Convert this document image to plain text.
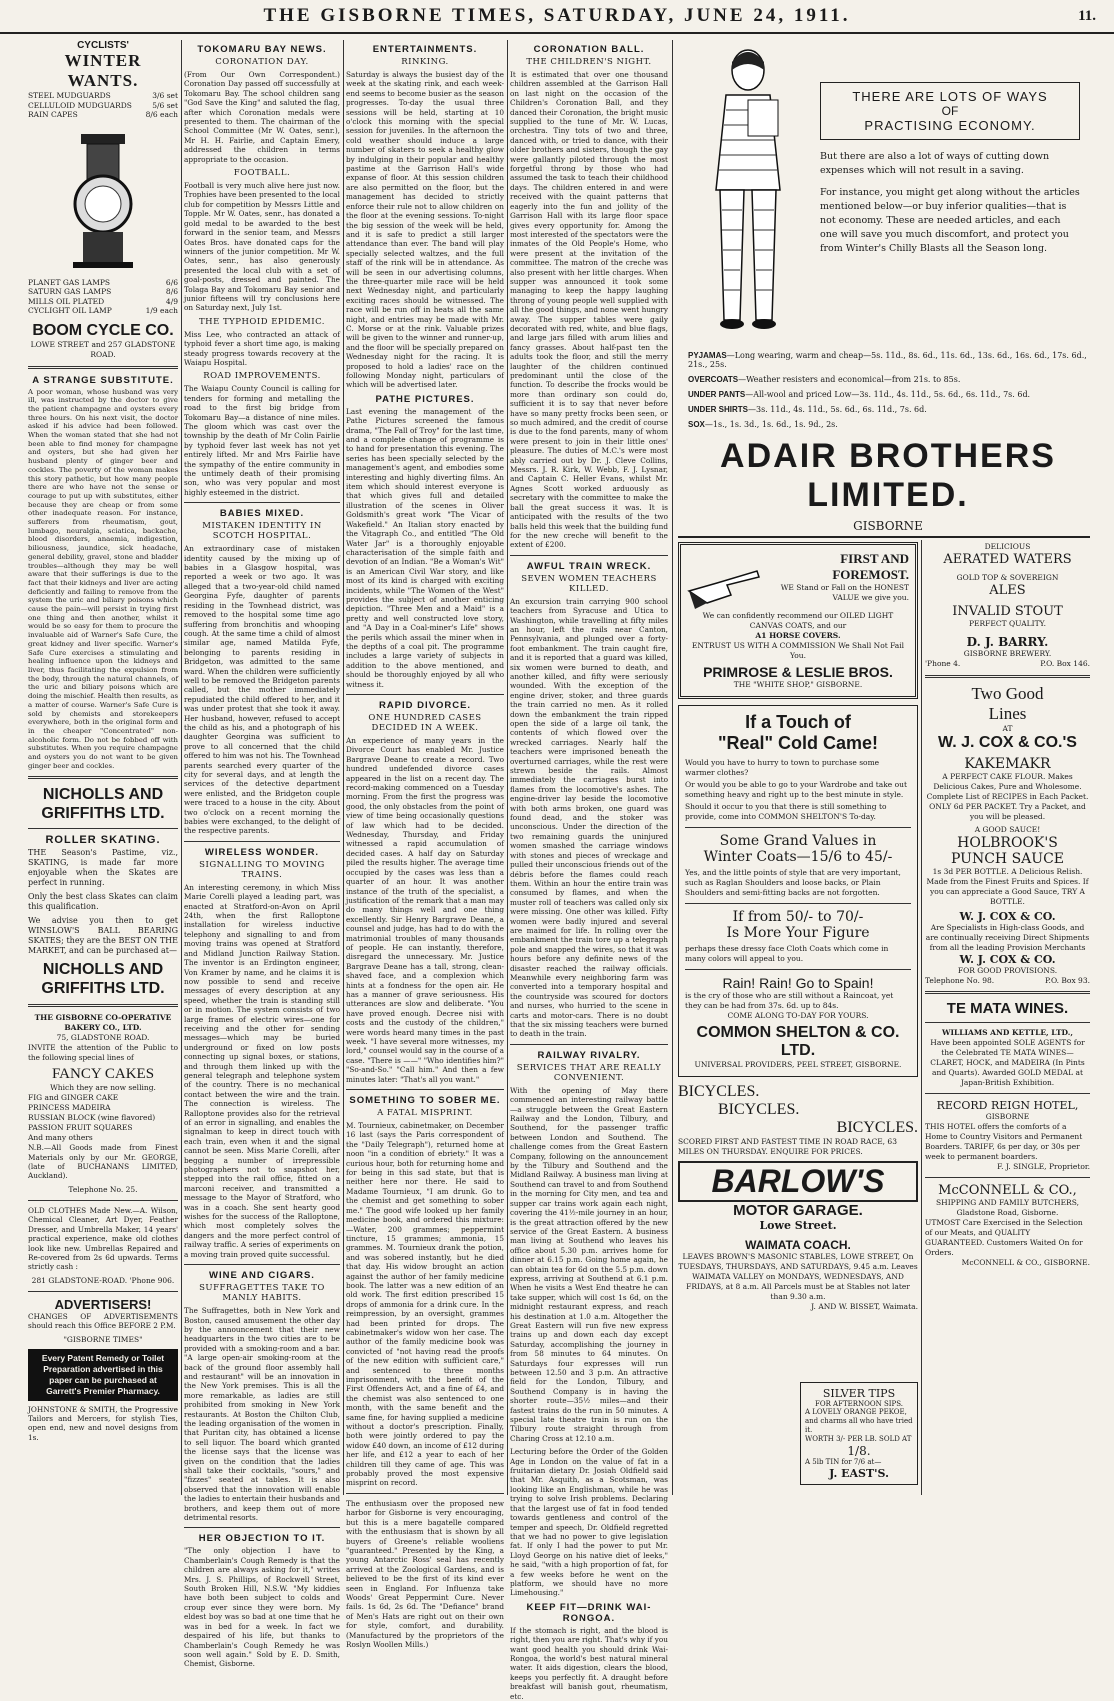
THE GISBORNE TIMES, SATURDAY, JUNE 24, 1911.	11.
CYCLISTS'
WINTER WANTS.
STEEL MUDGUARDS	3/6 set
CELLULOID MUDGUARDS	5/6 set
RAIN CAPES	8/6 each
PLANET GAS LAMPS	6/6
SATURN GAS LAMPS	8/6
MILLS OIL PLATED	4/9
CYCLIGHT OIL LAMP	1/9 each
BOOM CYCLE CO.
LOWE STREET and 257 GLADSTONE ROAD.
A STRANGE SUBSTITUTE.
A poor woman, whose husband was very ill, was instructed by the doctor to give the patient champagne and oysters every three hours. On his next visit, the doctor asked if his advice had been followed. When the woman stated that she had not been able to find money for champagne and oysters, but she had given her husband plenty of ginger beer and cockles. The poverty of the woman makes this story pathetic, but how many people there are who have not the sense or courage to put up with substitutes, either because they are cheap or from some other inadequate reason. For instance, sufferers from rheumatism, gout, lumbago, neuralgia, sciatica, backache, blood disorders, anaemia, indigestion, biliousness, jaundice, sick headache, general debility, gravel, stone and bladder troubles—although they may be well aware that their sufferings is due to the fact that their kidneys and liver are acting deficiently and failing to remove from the system the uric and biliary poisons which cause the pain—will persist in trying first one thing and then another, whilst it would be so easy for them to procure the invaluable aid of Warner's Safe Cure, the great kidney and liver specific. Warner's Safe Cure exercises a stimulating and healing influence upon the kidneys and liver, thus facilitating the expulsion from the body, through the natural channels, of the uric and biliary poisons which are doing the mischief. Health then results, as a matter of course. Warner's Safe Cure is sold by chemists and storekeepers everywhere, both in the original form and in the cheaper "Concentrated" non-alcoholic form. Do not be fobbed off with substitutes. When you require champagne and oysters you do not want to be given ginger beer and cockles.
NICHOLLS AND GRIFFITHS LTD.
ROLLER SKATING.
THE Season's Pastime, viz., SKATING, is made far more enjoyable when the Skates are perfect in running.
Only the best class Skates can claim this qualification.
We advise you then to get WINSLOW'S BALL BEARING SKATES; they are the BEST ON THE MARKET, and can be purchased at—
NICHOLLS AND GRIFFITHS LTD.
THE GISBORNE CO-OPERATIVE BAKERY CO., LTD.
75, GLADSTONE ROAD.
INVITE the attention of the Public to the following special lines of
FANCY CAKES
Which they are now selling.
FIG and GINGER CAKE
PRINCESS MADEIRA
RUSSIAN BLOCK (wine flavored)
PASSION FRUIT SQUARES
And many others
N.B.—All Goods made from Finest Materials only by our Mr. GEORGE, (late of BUCHANANS LIMITED, Auckland).
Telephone No. 25.
OLD CLOTHES Made New.—A. Wilson, Chemical Cleaner, Art Dyer, Feather Dresser, and Umbrella Maker, 14 years' practical experience, make old clothes look like new. Umbrellas Repaired and Re-covered from 2s 6d upwards. Terms strictly cash :
281 GLADSTONE-ROAD. 'Phone 906.
ADVERTISERS!
CHANGES OF ADVERTISEMENTS should reach this Office BEFORE 2 P.M.
"GISBORNE TIMES"
Every Patent Remedy or Toilet Preparation advertised in this paper can be purchased at Garrett's Premier Pharmacy.
JOHNSTONE & SMITH, the Progressive Tailors and Mercers, for stylish Ties, open end, new and novel designs from 1s.
TOKOMARU BAY NEWS.
CORONATION DAY.
(From Our Own Correspondent.) Coronation Day passed off successfully at Tokomaru Bay. The school children sang "God Save the King" and saluted the flag, after which Coronation medals were presented to them. The chairman of the School Committee (Mr W. Oates, senr.), Mr H. H. Fairlie, and Captain Emery, addressed the children in terms appropriate to the occasion.
FOOTBALL.
Football is very much alive here just now. Trophies have been presented to the local club for competition by Messrs Little and Topple. Mr W. Oates, senr., has donated a gold medal to be awarded to the best forward in the senior team, and Messrs Oates Bros. have donated caps for the winners of the junior competition. Mr W. Oates, senr., has also generously presented the local club with a set of goal-posts, dressed and painted. The Tolaga Bay and Tokomaru Bay senior and junior fifteens will try conclusions here on Saturday next, July 1st.
THE TYPHOID EPIDEMIC.
Miss Lee, who contracted an attack of typhoid fever a short time ago, is making steady progress towards recovery at the Waiapu Hospital.
ROAD IMPROVEMENTS.
The Waiapu County Council is calling for tenders for forming and metalling the road to the first big bridge from Tokomaru Bay—a distance of nine miles. The gloom which was cast over the township by the death of Mr Colin Fairlie by typhoid fever last week has not yet entirely lifted. Mr and Mrs Fairlie have the sympathy of the entire community in the untimely death of their promising son, who was very popular and most highly esteemed in the district.
BABIES MIXED.
MISTAKEN IDENTITY IN SCOTCH HOSPITAL.
An extraordinary case of mistaken identity caused by the mixing up of babies in a Glasgow hospital, was reported a week or two ago. It was alleged that a two-year-old child named Georgina Fyfe, daughter of parents residing in the Townhead district, was removed to the hospital some time ago suffering from bronchitis and whooping cough. At the same time a child of almost similar age, named Matilda Fyfe, belonging to parents residing in Bridgeton, was admitted to the same ward. When the children were sufficiently well to be removed the Bridgeton parents called, but the mother immediately repudiated the child offered to her, and it was under protest that she took it away. Her husband, however, refused to accept the child as his, and a photograph of his daughter Georgina was sufficient to prove to all concerned that the child offered to him was not his. The Townhead parents searched every quarter of the city for several days, and at length the services of the detective department were enlisted, and the Bridgeton couple were traced to a house in the city. About two o'clock on a recent morning the babies were exchanged, to the delight of the respective parents.
WIRELESS WONDER.
SIGNALLING TO MOVING TRAINS.
An interesting ceremony, in which Miss Marie Corelli played a leading part, was enacted at Stratford-on-Avon on April 24th, when the first Ralloptone installation for wireless inductive telephony and signalling to and from moving trains was opened at Stratford and Midland Junction Railway Station. The inventor is an Erdington engineer, Von Kramer by name, and he claims it is now possible to send and receive messages of every description at any speed, whether the train is standing still or in motion. The system consists of two large frames of electric wires—one for receiving and the other for sending messages—which may be buried underground or fixed on low posts connecting up signal boxes, or stations, and through them linked up with the general telegraph and telephone system of the country. There is no mechanical contact between the wire and the train. The connection is wireless. The Ralloptone provides also for the retrieval of an error in signalling, and enables the signalman to keep in direct touch with each train, even when it and the signal cannot be seen. Miss Marie Corelli, after begging a number of irrepressible photographers not to snapshot her, stepped into the rail office, fitted on a marconi receiver, and transmitted a message to the Mayor of Stratford, who was in a coach. She sent hearty good wishes for the success of the Ralloptone, which most completely solves the dangers and the more perfect control of railway traffic. A series of experiments on a moving train proved quite successful.
WINE AND CIGARS.
SUFFRAGETTES TAKE TO MANLY HABITS.
The Suffragettes, both in New York and Boston, caused amusement the other day by the announcement that their new headquarters in the two cities are to be provided with a smoking-room and a bar. "A large open-air smoking-room at the back of the ground floor assembly hall and restaurant" will be an innovation in the New York premises. This is all the more remarkable, as ladies are still prohibited from smoking in New York restaurants. At Boston the Chilton Club, the leading organisation of the women in that Puritan city, has obtained a license to sell liquor. The board which granted the license says that the license was given on the condition that the ladies shall take their cocktails, "sours," and "fizzes" seated at tables. It is also observed that the innovation will enable the ladies to entertain their husbands and brothers, and keep them out of more detrimental resorts.
HER OBJECTION TO IT.
"The only objection I have to Chamberlain's Cough Remedy is that the children are always asking for it," writes Mrs. J. S. Phillips, of Rockwell Street, South Broken Hill, N.S.W. "My kiddies have both been subject to colds and croup ever since they were born. My eldest boy was so bad at one time that he was in bed for a week. In fact we despaired of his life, but thanks to Chamberlain's Cough Remedy he was soon well again." Sold by E. D. Smith, Chemist, Gisborne.
ENTERTAINMENTS.
RINKING.
Saturday is always the busiest day of the week at the skating rink, and each week-end seems to become busier as the season progresses. To-day the usual three sessions will be held, starting at 10 o'clock this morning with the special session for juveniles. In the afternoon the cold weather should induce a large number of skaters to seek a healthy glow by indulging in their popular and healthy pastime at the Garrison Hall's wide expanse of floor. At this session children are also permitted on the floor, but the management has decided to strictly enforce their rule not to allow children on the floor at the evening sessions. To-night the big session of the week will be held, and it is safe to predict a still larger attendance than ever. The band will play specially selected waltzes, and the full staff of the rink will be in attendance. As will be seen in our advertising columns, the three-quarter mile race will be held next Wednesday night, and particularly exciting races should be witnessed. The race will be run off in heats all the same night, and entries may be made with Mr. C. Morse or at the rink. Valuable prizes will be given to the winner and runner-up, and the floor will be specially prepared on Wednesday night for the racing. It is proposed to hold a ladies' race on the following Monday night, particulars of which will be advertised later.
PATHE PICTURES.
Last evening the management of the Pathe Pictures screened the famous drama, "The Fall of Troy" for the last time, and a complete change of programme is to hand for presentation this evening. The series has been specially selected by the management's agent, and embodies some interesting and highly diverting films. An item which should interest everyone is that which gives full and detailed illustration of the scenes in Oliver Goldsmith's great work "The Vicar of Wakefield." An Italian story enacted by the Vitagraph Co., and entitled "The Old Water Jar" is a thoroughly enjoyable characterisation of the simple faith and devotion of an Indian. "Be a Woman's Wit" is an American Civil War story, and like most of its kind is charged with exciting incidents, while "The Women of the West" provides the subject of another enticing depiction. "Three Men and a Maid" is a pretty and well constructed love story, and "A Day in a Coal-miner's Life" shows the perils which assail the miner when in the depths of a coal pit. The programme includes a large variety of subjects in addition to the above mentioned, and should be thoroughly enjoyed by all who witness it.
RAPID DIVORCE.
ONE HUNDRED CASES DECIDED IN A WEEK.
An experience of many years in the Divorce Court has enabled Mr. Justice Bargrave Deane to create a record. Two hundred undefended divorce cases appeared in the list on a recent day. The record-making commenced on a Tuesday morning. From the first the progress was good, the only obstacles from the point of view of time being occasionally questions of law which had to be decided. Wednesday, Thursday, and Friday witnessed a rapid accumulation of decided cases. A half day on Saturday piled the results higher. The average time occupied by the cases was less than a quarter of an hour. It was another instance of the truth of the specialist, a justification of the remark that a man may do many things well and one thing excellently. Sir Henry Bargrave Deane, a counsel and judge, has had to do with the matrimonial troubles of many thousands of people. He can instantly, therefore, disregard the unnecessary. Mr. Justice Bargrave Deane has a tall, strong, clean-shaved face, and a complexion which hints at a fondness for the open air. He has a manner of grave seriousness. His utterances are slow and deliberate. "You have proved enough. Decree nisi with costs and the custody of the children," were words heard many times in the past week. "I have several more witnesses, my lord," counsel would say in the course of a case. "There is ——" "Who identifies him?" "So-and-So." "Call him." And then a few minutes later: "That's all you want."
SOMETHING TO SOBER ME.
A FATAL MISPRINT.
M. Tournieux, cabinetmaker, on December 16 last (says the Paris correspondent of the "Daily Telegraph"), returned home at noon "in a condition of ebriety." It was a curious hour, both for returning home and for being in this sad state, but that is neither here nor there. He said to Madame Tournieux, "I am drunk. Go to the chemist and get something to sober me." The good wife looked up her family medicine book, and ordered this mixture:—Water, 200 grammes; peppermint tincture, 15 grammes; ammonia, 15 grammes. M. Tournieux drank the potion, and was sobered instantly, but he died that day. His widow brought an action against the author of her family medicine book. The latter was a new edition of an old work. The first edition prescribed 15 drops of ammonia for a drink cure. In the reimpression, by an oversight, grammes had been printed for drops. The cabinetmaker's widow won her case. The author of the family medicine book was convicted of "not having read the proofs of the new edition with sufficient care," and sentenced to three months imprisonment, with the benefit of the First Offenders Act, and a fine of £4, and the chemist was also sentenced to one month, with the same benefit and the same fine, for having supplied a medicine without a doctor's prescription. Finally, both were jointly ordered to pay the widow £40 down, an income of £12 during her life, and £12 a year to each of her children till they came of age. This was probably proved the most expensive misprint on record.
The enthusiasm over the proposed new harbor for Gisborne is very encouraging, but this is a mere bagatelle compared with the enthusiasm that is shown by all buyers of Greene's reliable wooliens "guaranteed." Presented by the King, a young Antarctic Ross' seal has recently arrived at the Zoological Gardens, and is believed to be the first of its kind ever seen in England. For Influenza take Woods' Great Peppermint Cure. Never fails. 1s 6d, 2s 6d. The "Defiance" brand of Men's Hats are right out on their own for style, comfort, and durability. (Manufactured by the proprietors of the Roslyn Woollen Mills.)
CORONATION BALL.
THE CHILDREN'S NIGHT.
It is estimated that over one thousand children assembled at the Garrison Hall on last night on the occasion of the Children's Coronation Ball, and they danced their Coronation, the bright music supplied to the tune of Mr. W. Lucas, orchestra. Tiny tots of two and three, danced with, or tried to dance, with their older brothers and sisters, though the gay were gallantly piloted through the most forgetful throng by those who had assumed the task to teach their childhood days. The children entered in and were received with the quaint patterns that eagerly into the fun and jollity of the Garrison Hall with its large floor space gives every opportunity for. Among the most interested of the spectators were the inmates of the Old People's Home, who were present at the invitation of the committee. The matron of the creche was also present with her little charges. When supper was announced it took some managing to keep the happy laughing throng of young people well supplied with all the good things, and none went hungry away. The supper tables were gaily decorated with red, white, and blue flags, and large jars filled with arum lilies and fancy grasses. About half-past ten the adults took the floor, and still the merry laughter of the children continued predominant until the close of the function. To describe the frocks would be more than ordinary son could do, sufficient it is to say that never before have so many pretty frocks been seen, or so much admired, and the credit of course is due to the fond parents, many of whom were present to join in their little ones' pleasure. The duties of M.C.'s were most ably carried out by Dr. J. Cleve Collins, Messrs. J. R. Kirk, W. Webb, F. J. Lysnar, and Captain C. Heller Evans, whilst Mr. Agnes Scott worked arduously as secretary with the committee to make the ball the great success it was. It is anticipated with the results of the two balls held this week that the building fund for the new creche will benefit to the extent of £200.
AWFUL TRAIN WRECK.
SEVEN WOMEN TEACHERS KILLED.
An excursion train carrying 900 school teachers from Syracuse and Utica to Washington, while travelling at fifty miles an hour, left the rails near Canton, Pennsylvania, and plunged over a forty-foot embankment. The train caught fire, and it is reported that a guard was killed, six women were burned to death, and another killed, and fifty were seriously wounded. With the exception of the engine driver, stoker, and three guards the train carried no men. As it rolled down the embankment the train ripped open the side of a large oil tank, the contents of which flowed over the wrecked carriages. Nearly half the teachers were imprisoned beneath the overturned carriages, while the rest were strewn beside the rails. Almost immediately the carriages burst into flames from the locomotive's ashes. The engine-driver lay beside the locomotive with both arms broken, one guard was found dead, and the stoker was unconscious. Under the direction of the two remaining guards the uninjured women smashed the carriage windows with stones and pieces of wreckage and pulled their unconscious friends out of the débris before the flames could reach them. Within an hour the entire train was consumed by flames, and when the muster roll of teachers was called only six were missing. One other was killed. Fifty women were badly injured and several are maimed for life. In rolling over the embankment the train tore up a telegraph pole and snapped the wires, so that it was hours before any definite news of the disaster reached the railway officials. Meanwhile every neighboring farm was converted into a temporary hospital and the countryside was scoured for doctors and nurses, who hurried to the scene in carts and motor-cars. There is no doubt that the six missing teachers were burned to death in the train.
RAILWAY RIVALRY.
SERVICES THAT ARE REALLY CONVENIENT.
With the opening of May there commenced an interesting railway battle—a struggle between the Great Eastern Railway and the London, Tilbury, and Southend, for the passenger traffic between London and Southend. The challenge comes from the Great Eastern Company, following on the announcement by the Tilbury and Southend and the Midland Railway. A business man living at Southend can travel to and from Southend in the morning for City men, and tea and supper car trains work again each night, covering the 41½-mile journey in an hour, is the great attraction offered by the new service of the Great Eastern. A business man living at Southend who leaves his office about 5.30 p.m. arrives home for dinner at 6.15 p.m. Going home again, he can obtain tea for 6d on the 5.5 p.m. down express, arriving at Southend at 6.1 p.m. When he visits a West End theatre he can take supper, which will cost 1s 6d, on the midnight restaurant express, and reach his destination at 1.0 a.m. Altogether the Great Eastern will run five new express trains up and down each day except Saturday, accomplishing the journey in from 58 minutes to 64 minutes. On Saturdays four expresses will run between 12.50 and 3 p.m. An attractive field for the London, Tilbury, and Southend Company is in having the shorter route—35½ miles—and their fastest trains do the run in 50 minutes. A special late theatre train is run on the Tilbury route straight through from Charing Cross at 12.10 a.m.
Lecturing before the Order of the Golden Age in London on the value of fat in a fruitarian dietary Dr. Josiah Oldfield said that Mr. Asquith, as a Scotsman, was looking like an Englishman, while he was trying to solve Irish problems. Declaring that the largest use of fat in food tended towards gentleness and control of the temper and speech, Dr. Oldfield regretted that we had no power to give legislation fat. If only I had the power to put Mr. Lloyd George on his native diet of leeks," he said, "with a high proportion of fat, for a few weeks before he went on the platform, we should have no more Limehousing."
KEEP FIT—DRINK WAI-RONGOA.
If the stomach is right, and the blood is right, then you are right. That's why if you want good health you should drink Wai-Rongoa, the world's best natural mineral water. It aids digestion, clears the blood, keeps you perfectly fit. A draught before breakfast will banish gout, rheumatism, etc.
THERE ARE LOTS OF WAYS
OF
PRACTISING ECONOMY.
But there are also a lot of ways of cutting down expenses which will not result in a saving.
For instance, you might get along without the articles mentioned below—or buy inferior qualities—that is not economy. These are needed articles, and each one will save you much discomfort, and protect you from Winter's Chilly Blasts all the Season long.
PYJAMAS—Long wearing, warm and cheap—5s. 11d., 8s. 6d., 11s. 6d., 13s. 6d., 16s. 6d., 17s. 6d., 21s., 25s.
OVERCOATS—Weather resisters and economical—from 21s. to 85s.
UNDER PANTS—All-wool and priced Low—3s. 11d., 4s. 11d., 5s. 6d., 6s. 11d., 7s. 6d.
UNDER SHIRTS—3s. 11d., 4s. 11d., 5s. 6d., 6s. 11d., 7s. 6d.
SOX—1s., 1s. 3d., 1s. 6d., 1s. 9d., 2s.
ADAIR BROTHERS LIMITED.
GISBORNE
FIRST AND FOREMOST.
WE Stand or Fall on the HONEST VALUE we give you.
We can confidently recommend our OILED LIGHT CANVAS COATS, and our
A1 HORSE COVERS.
ENTRUST US WITH A COMMISSION We Shall Not Fail You.
PRIMROSE & LESLIE BROS.
THE "WHITE SHOP," GISBORNE.
If a Touch of
"Real" Cold Came!
Would you have to hurry to town to purchase some warmer clothes?
Or would you be able to go to your Wardrobe and take out something heavy and right up to the best minute in style.
Should it occur to you that there is still something to provide, come into COMMON SHELTON'S To-day.
Some Grand Values in
Winter Coats—15/6 to 45/-
Yes, and the little points of style that are very important, such as Raglan Shoulders and loose backs, or Plain Shoulders and semi-fitting backs are not forgotten.
If from 50/- to 70/-
Is More Your Figure
perhaps these dressy face Cloth Coats which come in many colors will appeal to you.
Rain! Rain! Go to Spain!
is the cry of those who are still without a Raincoat, yet they can be had from 37s. 6d. up to 84s.
COME ALONG TO-DAY FOR YOURS.
COMMON SHELTON & CO. LTD.
UNIVERSAL PROVIDERS, PEEL STREET, GISBORNE.
BICYCLES.
BICYCLES.
BICYCLES.
SCORED FIRST AND FASTEST TIME IN ROAD RACE, 63 MILES ON THURSDAY. ENQUIRE FOR PRICES.
BARLOW'S
MOTOR GARAGE.
Lowe Street.
WAIMATA COACH.
LEAVES BROWN'S MASONIC STABLES, LOWE STREET, On TUESDAYS, THURSDAYS, AND SATURDAYS, 9.45 a.m. Leaves WAIMATA VALLEY on MONDAYS, WEDNESDAYS, AND FRIDAYS, at 8 a.m. All Parcels must be at Stables not later than 9.30 a.m.
J. AND W. BISSET, Waimata.
DELICIOUS
AERATED WATERS
GOLD TOP & SOVEREIGN
ALES
INVALID STOUT
PERFECT QUALITY.
D. J. BARRY.
GISBORNE BREWERY.
'Phone 4.	P.O. Box 146.
Two Good
Lines
AT
W. J. COX & CO.'S
KAKEMAKR
A PERFECT CAKE FLOUR. Makes Delicious Cakes, Pure and Wholesome. Complete List of RECIPES in Each Packet. ONLY 6d PER PACKET. Try a Packet, and you will be pleased.
A GOOD SAUCE!
HOLBROOK'S
PUNCH SAUCE
1s 3d PER BOTTLE. A Delicious Relish. Made from the Finest Fruits and Spices. If you can appreciate a Good Sauce, TRY A BOTTLE.
W. J. COX & CO.
Are Specialists in High-class Goods, and are continually receiving Direct Shipments from all the leading Provision Merchants
W. J. COX & CO.
FOR GOOD PROVISIONS.
Telephone No. 98.	P.O. Box 93.
TE MATA WINES.
WILLIAMS AND KETTLE, LTD.,
Have been appointed SOLE AGENTS for the Celebrated TE MATA WINES— CLARET, HOCK, and MADEIRA (In Pints and Quarts). Awarded GOLD MEDAL at Japan-British Exhibition.
RECORD REIGN HOTEL,
GISBORNE
THIS HOTEL offers the comforts of a Home to Country Visitors and Permanent Boarders. TARIFF, 6s per day, or 30s per week to permanent boarders.
F. J. SINGLE, Proprietor.
McCONNELL & CO.,
SHIPPING AND FAMILY BUTCHERS,
Gladstone Road, Gisborne.
UTMOST Care Exercised in the Selection of our Meats, and QUALITY GUARANTEED. Customers Waited On for Orders.
McCONNELL & CO., GISBORNE.
SILVER TIPS
FOR AFTERNOON SIPS.
A LOVELY ORANGE PEKOE, and charms all who have tried it.
WORTH 3/- PER LB. SOLD AT
1/8.
A 5lb TIN for 7/6 at—
J. EAST'S.
